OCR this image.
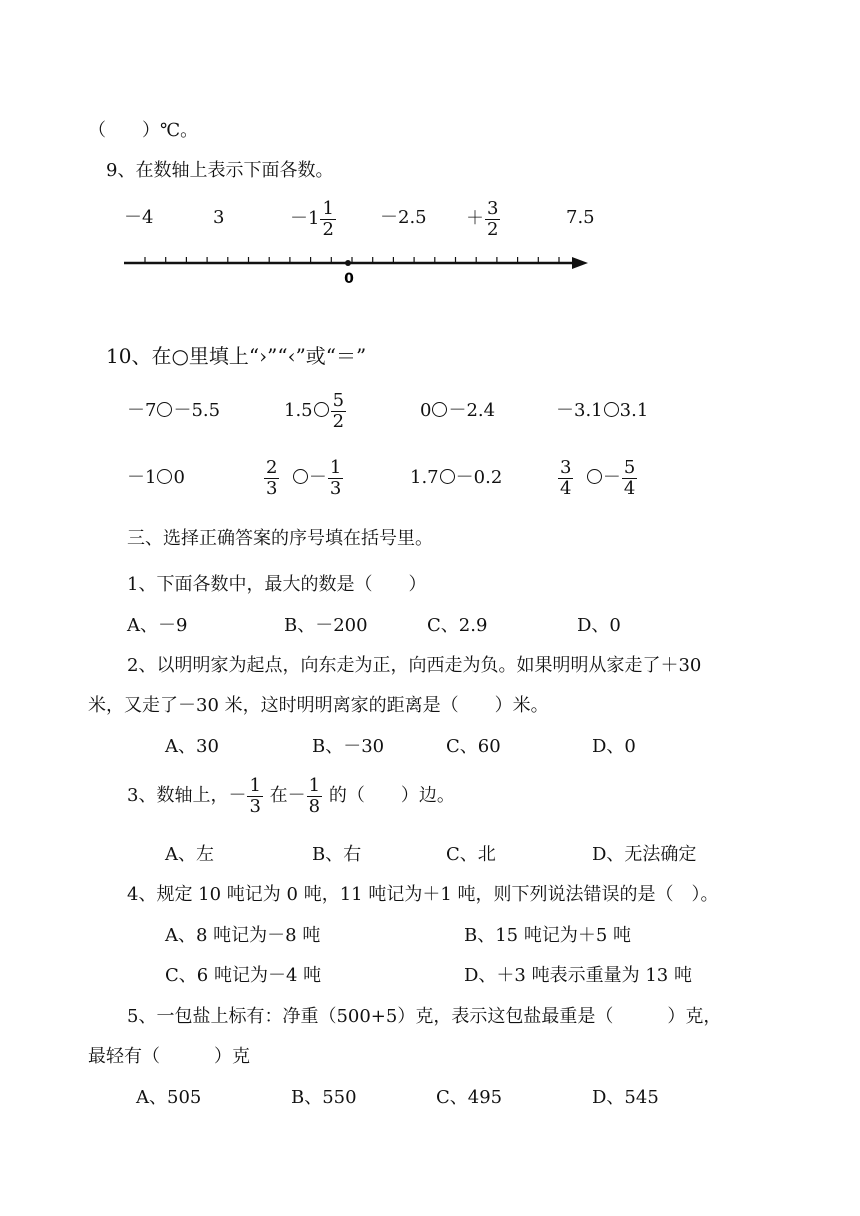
（　　）℃。
9、在数轴上表示下面各数。
－4	3	$-1 \frac{1}{2} -2.5 + \frac{3}{2}$	7.5
0
10、在○里填上“›”“‹”或“＝”
－7 －5.5	$1.5 \frac{5}{2}$	0 －2.4	－3.1 3.1
－1 0	$\frac{2}{3} - \frac{1}{3}$	1.7 －0.2	$\frac{3}{4} - \frac{5}{4}$
三、选择正确答案的序号填在括号里。
1、下面各数中，最大的数是（　　）
A、－9	B、－200	C、2.9	D、0
2、以明明家为起点，向东走为正，向西走为负。如果明明从家走了＋30
米，又走了－30 米，这时明明离家的距离是（　　）米。
A、30	B、－30	C、60	D、0
3、数轴上，－ $\frac{1}{3}$ 在－ $\frac{1}{8}$ 的（　　）边。
A、左	B、右	C、北	D、无法确定
4、规定 10 吨记为 0 吨，11 吨记为＋1 吨，则下列说法错误的是（　）。
A、8 吨记为－8 吨	B、15 吨记为＋5 吨
C、6 吨记为－4 吨	D、＋3 吨表示重量为 13 吨
5、一包盐上标有：净重（500+5）克，表示这包盐最重是（　　　）克，
最轻有（　　　）克
A、505	B、550	C、495	D、545
